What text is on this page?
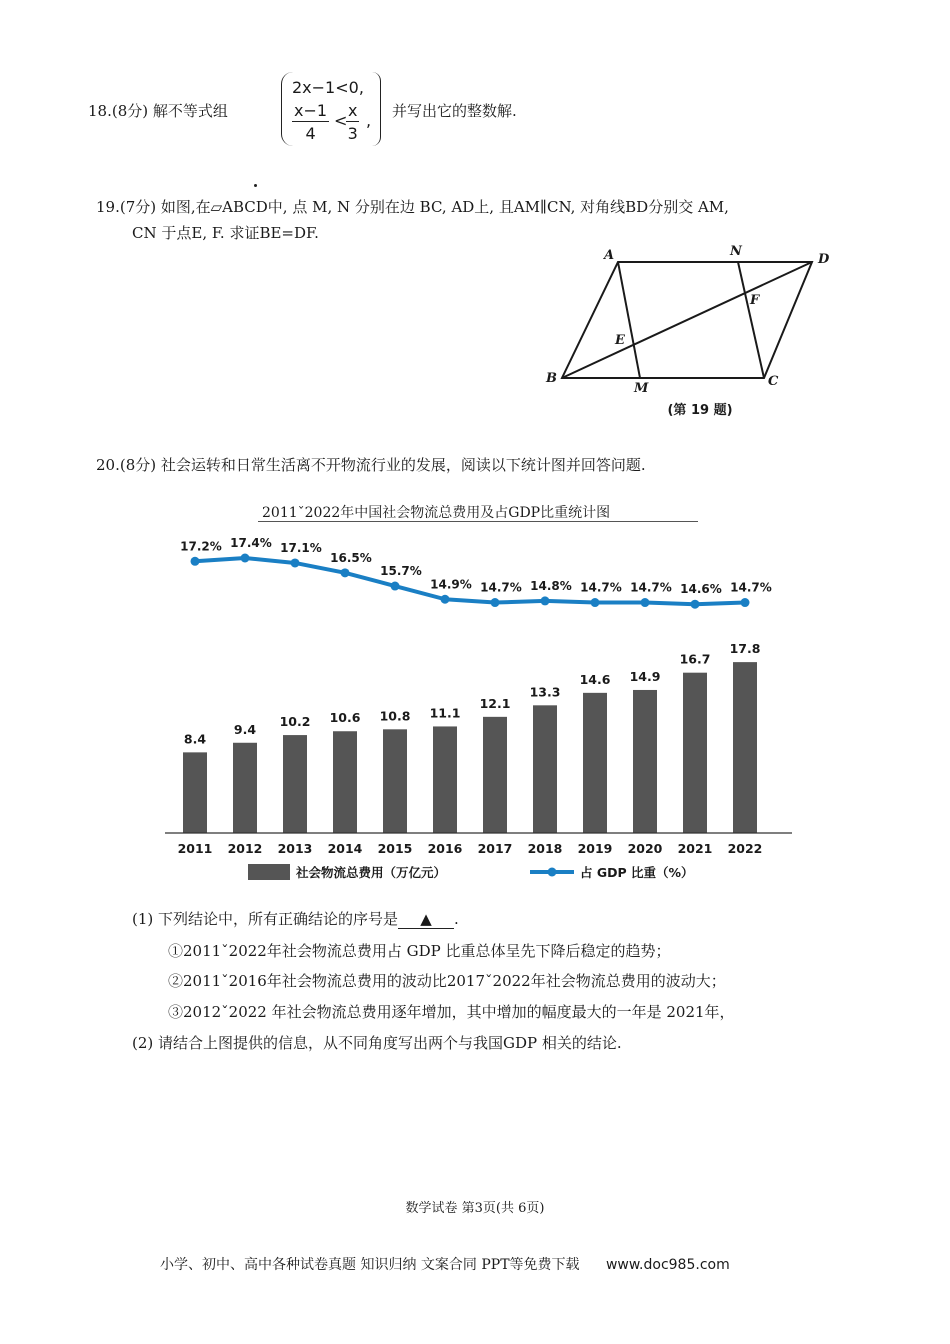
18.(8分) 解不等式组
2x−1<0,
$\frac{x-1}{4}$ <
$\frac{x}{3}$ , 并写出它的整数解.
19.(7分) 如图,在▱ABCD中, 点 M, N 分别在边 BC, AD上, 且AM∥CN, 对角线BD分别交 AM,
CN 于点E, F. 求证BE=DF.
A	N
D
F
E
B
M	C
(第 19 题)
20.(8分) 社会运转和日常生活离不开物流行业的发展，阅读以下统计图并回答问题.
2011ˇ2022年中国社会物流总费用及占GDP比重统计图
8.4
9.4
10.2 10.6 10.8 11.1
12.1
13.3
14.6 14.9
16.7
17.8
2011 2012 2013 2014 2015 2016 2017 2018 2019 2020 2021 2022
17.2% 17.4% 17.1%
16.5%
15.7%
14.9% 14.7% 14.8% 14.7% 14.7% 14.6% 14.7%
社会物流总费用（万亿元）	占 GDP 比重（%）
(1) 下列结论中，所有正确结论的序号是 ▲ .
①2011ˇ2022年社会物流总费用占 GDP 比重总体呈先下降后稳定的趋势；
②2011ˇ2016年社会物流总费用的波动比2017ˇ2022年社会物流总费用的波动大；
③2012ˇ2022 年社会物流总费用逐年增加，其中增加的幅度最大的一年是 2021年，
(2) 请结合上图提供的信息，从不同角度写出两个与我国GDP 相关的结论.
数学试卷 第3页(共 6页)
小学、初中、高中各种试卷真题 知识归纳 文案合同 PPT等免费下载 www.doc985.com
